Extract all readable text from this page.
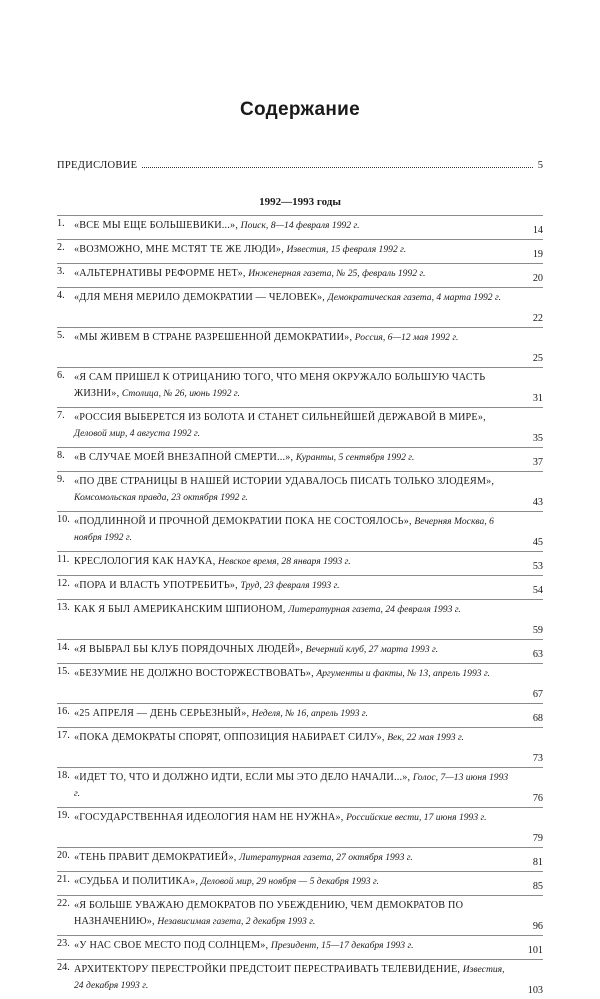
Содержание
ПРЕДИСЛОВИЕ	5
1992—1993 годы
1. «ВСЕ МЫ ЕЩЕ БОЛЬШЕВИКИ...», Поиск, 8—14 февраля 1992 г.	14
2. «ВОЗМОЖНО, МНЕ МСТЯТ ТЕ ЖЕ ЛЮДИ», Известия, 15 февраля 1992 г.	19
3. «АЛЬТЕРНАТИВЫ РЕФОРМЕ НЕТ», Инженерная газета, № 25, февраль 1992 г.	20
4. «ДЛЯ МЕНЯ МЕРИЛО ДЕМОКРАТИИ — ЧЕЛОВЕК», Демократическая газета, 4 марта 1992 г.
22
5. «МЫ ЖИВЕМ В СТРАНЕ РАЗРЕШЕННОЙ ДЕМОКРАТИИ», Россия, 6—12 мая 1992 г.
25
6. «Я САМ ПРИШЕЛ К ОТРИЦАНИЮ ТОГО, ЧТО МЕНЯ ОКРУЖАЛО БОЛЬШУЮ ЧАСТЬ ЖИЗНИ», Столица, № 26, июнь 1992 г.	31
7. «РОССИЯ ВЫБЕРЕТСЯ ИЗ БОЛОТА И СТАНЕТ СИЛЬНЕЙШЕЙ ДЕРЖАВОЙ В МИРЕ», Деловой мир, 4 августа 1992 г.	35
8. «В СЛУЧАЕ МОЕЙ ВНЕЗАПНОЙ СМЕРТИ...», Куранты, 5 сентября 1992 г.	37
9. «ПО ДВЕ СТРАНИЦЫ В НАШЕЙ ИСТОРИИ УДАВАЛОСЬ ПИСАТЬ ТОЛЬКО ЗЛОДЕЯМ», Комсомольская правда, 23 октября 1992 г.	43
10. «ПОДЛИННОЙ И ПРОЧНОЙ ДЕМОКРАТИИ ПОКА НЕ СОСТОЯЛОСЬ», Вечерняя Москва, 6 ноября 1992 г.	45
11. КРЕСЛОЛОГИЯ КАК НАУКА, Невское время, 28 января 1993 г.	53
12. «ПОРА И ВЛАСТЬ УПОТРЕБИТЬ», Труд, 23 февраля 1993 г.	54
13. КАК Я БЫЛ АМЕРИКАНСКИМ ШПИОНОМ, Литературная газета, 24 февраля 1993 г.
59
14. «Я ВЫБРАЛ БЫ КЛУБ ПОРЯДОЧНЫХ ЛЮДЕЙ», Вечерний клуб, 27 марта 1993 г.	63
15. «БЕЗУМИЕ НЕ ДОЛЖНО ВОСТОРЖЕСТВОВАТЬ», Аргументы и факты, № 13, апрель 1993 г.
67
16. «25 АПРЕЛЯ — ДЕНЬ СЕРЬЕЗНЫЙ», Неделя, № 16, апрель 1993 г.	68
17. «ПОКА ДЕМОКРАТЫ СПОРЯТ, ОППОЗИЦИЯ НАБИРАЕТ СИЛУ», Век, 22 мая 1993 г.
73
18. «ИДЕТ ТО, ЧТО И ДОЛЖНО ИДТИ, ЕСЛИ МЫ ЭТО ДЕЛО НАЧАЛИ...», Голос, 7—13 июня 1993 г.	76
19. «ГОСУДАРСТВЕННАЯ ИДЕОЛОГИЯ НАМ НЕ НУЖНА», Российские вести, 17 июня 1993 г.
79
20. «ТЕНЬ ПРАВИТ ДЕМОКРАТИЕЙ», Литературная газета, 27 октября 1993 г.	81
21. «СУДЬБА И ПОЛИТИКА», Деловой мир, 29 ноября — 5 декабря 1993 г.	85
22. «Я БОЛЬШЕ УВАЖАЮ ДЕМОКРАТОВ ПО УБЕЖДЕНИЮ, ЧЕМ ДЕМОКРАТОВ ПО НАЗНАЧЕНИЮ», Независимая газета, 2 декабря 1993 г.	96
23. «У НАС СВОЕ МЕСТО ПОД СОЛНЦЕМ», Президент, 15—17 декабря 1993 г.	101
24. АРХИТЕКТОРУ ПЕРЕСТРОЙКИ ПРЕДСТОИТ ПЕРЕСТРАИВАТЬ ТЕЛЕВИДЕНИЕ, Известия, 24 декабря 1993 г.	103
